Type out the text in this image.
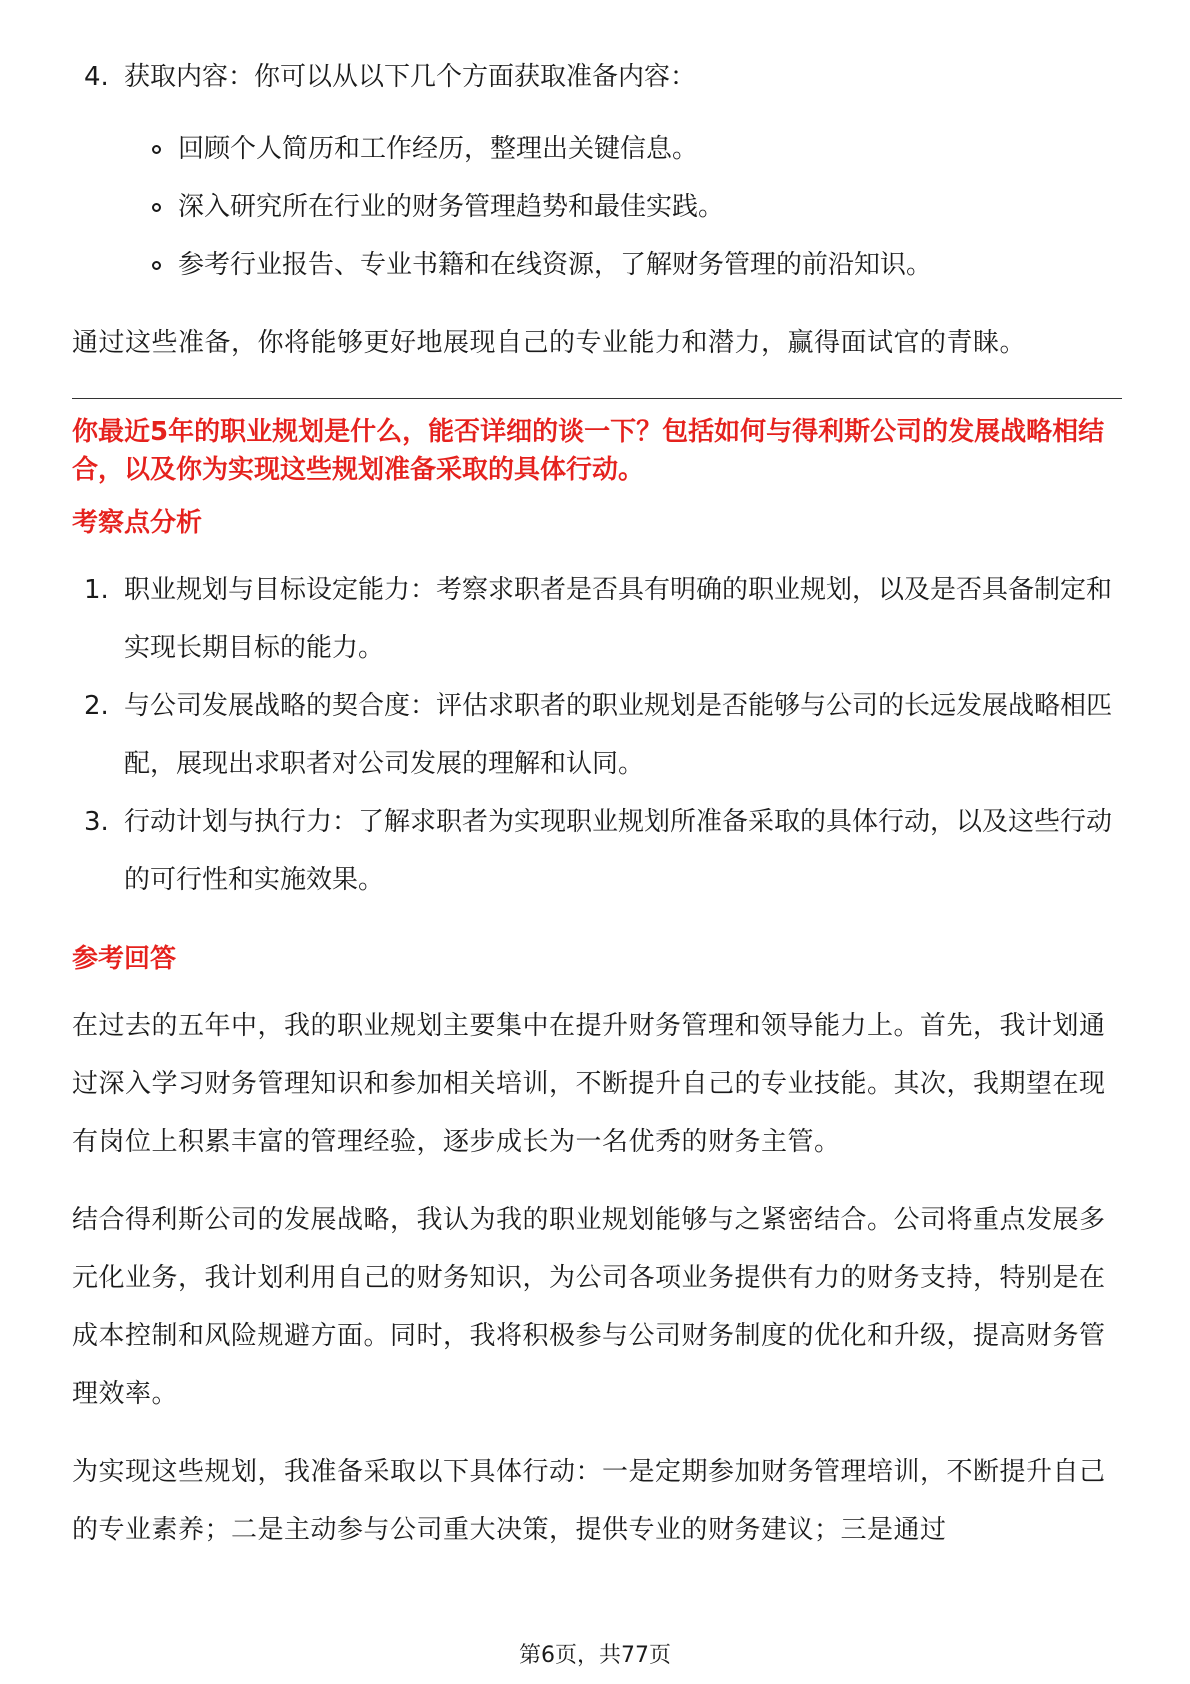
4. 获取内容：你可以从以下几个方面获取准备内容：
回顾个人简历和工作经历，整理出关键信息。
深入研究所在行业的财务管理趋势和最佳实践。
参考行业报告、专业书籍和在线资源，了解财务管理的前沿知识。

通过这些准备，你将能够更好地展现自己的专业能力和潜力，赢得面试官的青睐。

你最近5年的职业规划是什么，能否详细的谈一下？包括如何与得利斯公司的发展战略相结合，以及你为实现这些规划准备采取的具体行动。

考察点分析
1. 职业规划与目标设定能力：考察求职者是否具有明确的职业规划，以及是否具备制定和实现长期目标的能力。
2. 与公司发展战略的契合度：评估求职者的职业规划是否能够与公司的长远发展战略相匹配，展现出求职者对公司发展的理解和认同。
3. 行动计划与执行力：了解求职者为实现职业规划所准备采取的具体行动，以及这些行动的可行性和实施效果。
参考回答

在过去的五年中，我的职业规划主要集中在提升财务管理和领导能力上。首先，我计划通过深入学习财务管理知识和参加相关培训，不断提升自己的专业技能。其次，我期望在现有岗位上积累丰富的管理经验，逐步成长为一名优秀的财务主管。

结合得利斯公司的发展战略，我认为我的职业规划能够与之紧密结合。公司将重点发展多元化业务，我计划利用自己的财务知识，为公司各项业务提供有力的财务支持，特别是在成本控制和风险规避方面。同时，我将积极参与公司财务制度的优化和升级，提高财务管理效率。

为实现这些规划，我准备采取以下具体行动：一是定期参加财务管理培训，不断提升自己的专业素养；二是主动参与公司重大决策，提供专业的财务建议；三是通过

第6页，共77页
